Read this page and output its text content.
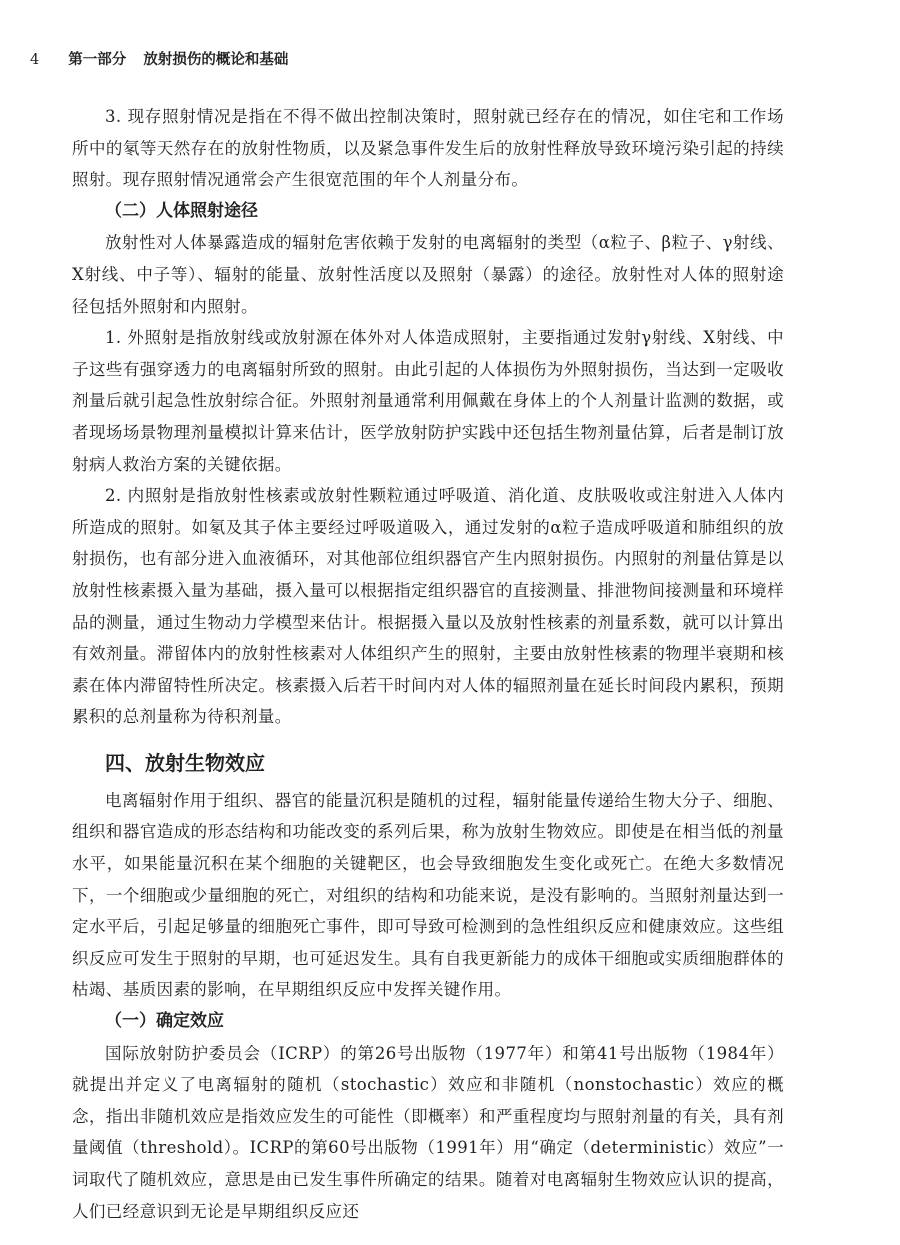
4 第一部分 放射损伤的概论和基础

3. 现存照射情况是指在不得不做出控制决策时，照射就已经存在的情况，如住宅和工作场所中的氡等天然存在的放射性物质，以及紧急事件发生后的放射性释放导致环境污染引起的持续照射。现存照射情况通常会产生很宽范围的年个人剂量分布。

（二）人体照射途径

放射性对人体暴露造成的辐射危害依赖于发射的电离辐射的类型（α粒子、β粒子、γ射线、X射线、中子等）、辐射的能量、放射性活度以及照射（暴露）的途径。放射性对人体的照射途径包括外照射和内照射。

1. 外照射是指放射线或放射源在体外对人体造成照射，主要指通过发射γ射线、X射线、中子这些有强穿透力的电离辐射所致的照射。由此引起的人体损伤为外照射损伤，当达到一定吸收剂量后就引起急性放射综合征。外照射剂量通常利用佩戴在身体上的个人剂量计监测的数据，或者现场场景物理剂量模拟计算来估计，医学放射防护实践中还包括生物剂量估算，后者是制订放射病人救治方案的关键依据。

2. 内照射是指放射性核素或放射性颗粒通过呼吸道、消化道、皮肤吸收或注射进入人体内所造成的照射。如氡及其子体主要经过呼吸道吸入，通过发射的α粒子造成呼吸道和肺组织的放射损伤，也有部分进入血液循环，对其他部位组织器官产生内照射损伤。内照射的剂量估算是以放射性核素摄入量为基础，摄入量可以根据指定组织器官的直接测量、排泄物间接测量和环境样品的测量，通过生物动力学模型来估计。根据摄入量以及放射性核素的剂量系数，就可以计算出有效剂量。滞留体内的放射性核素对人体组织产生的照射，主要由放射性核素的物理半衰期和核素在体内滞留特性所决定。核素摄入后若干时间内对人体的辐照剂量在延长时间段内累积，预期累积的总剂量称为待积剂量。

四、放射生物效应

电离辐射作用于组织、器官的能量沉积是随机的过程，辐射能量传递给生物大分子、细胞、组织和器官造成的形态结构和功能改变的系列后果，称为放射生物效应。即使是在相当低的剂量水平，如果能量沉积在某个细胞的关键靶区，也会导致细胞发生变化或死亡。在绝大多数情况下，一个细胞或少量细胞的死亡，对组织的结构和功能来说，是没有影响的。当照射剂量达到一定水平后，引起足够量的细胞死亡事件，即可导致可检测到的急性组织反应和健康效应。这些组织反应可发生于照射的早期，也可延迟发生。具有自我更新能力的成体干细胞或实质细胞群体的枯竭、基质因素的影响，在早期组织反应中发挥关键作用。

（一）确定效应

国际放射防护委员会（ICRP）的第26号出版物（1977年）和第41号出版物（1984年）就提出并定义了电离辐射的随机（stochastic）效应和非随机（nonstochastic）效应的概念，指出非随机效应是指效应发生的可能性（即概率）和严重程度均与照射剂量的有关，具有剂量阈值（threshold）。ICRP的第60号出版物（1991年）用“确定（deterministic）效应”一词取代了随机效应，意思是由已发生事件所确定的结果。随着对电离辐射生物效应认识的提高，人们已经意识到无论是早期组织反应还
